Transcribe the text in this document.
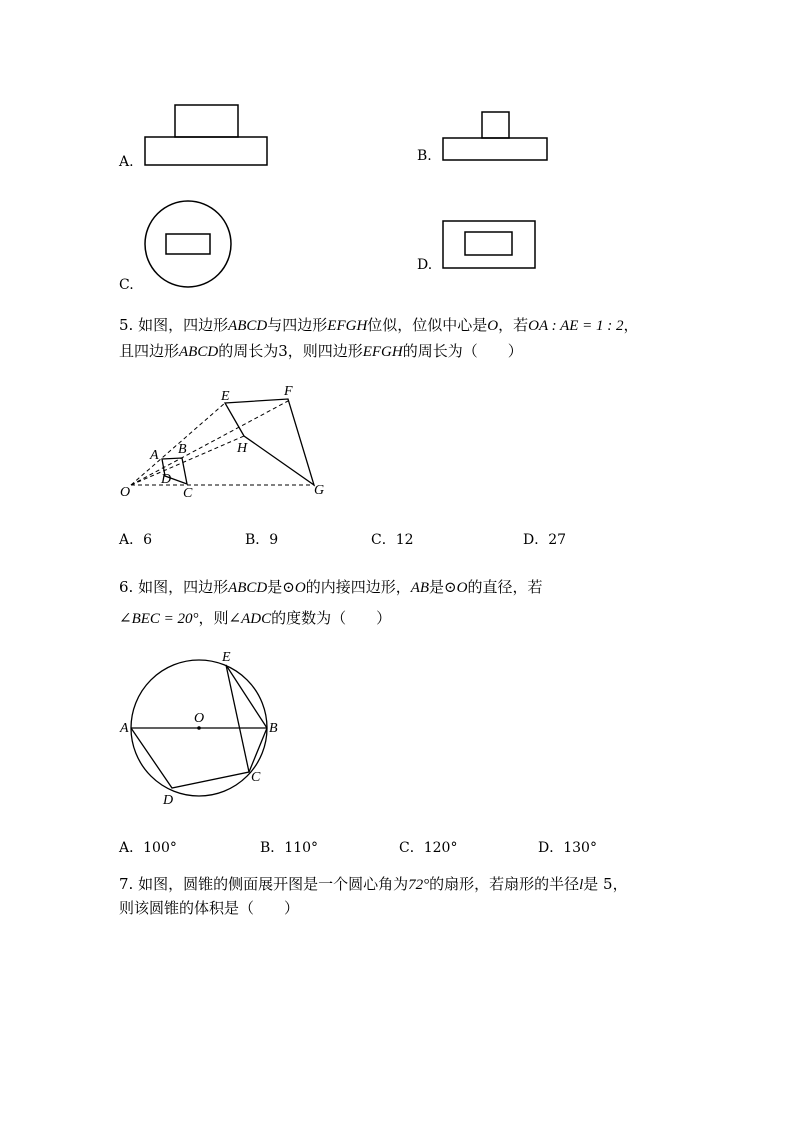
A.	B.
C.
D.
5. 如图，四边形ABCD与四边形EFGH位似，位似中心是O，若OA : AE = 1 : 2，
且四边形ABCD的周长为3，则四边形EFGH的周长为（　　）
E	F
A B	H
D
O	C	G
A．6	B．9	C．12	D．27
6. 如图，四边形ABCD是⊙O的内接四边形，AB是⊙O的直径，若
∠BEC = 20°，则∠ADC的度数为（　　）
E
A
O
B
C
D
A．100°	B．110°	C．120°	D．130°
7. 如图，圆锥的侧面展开图是一个圆心角为72°的扇形，若扇形的半径l是 5，
则该圆锥的体积是（　　）
